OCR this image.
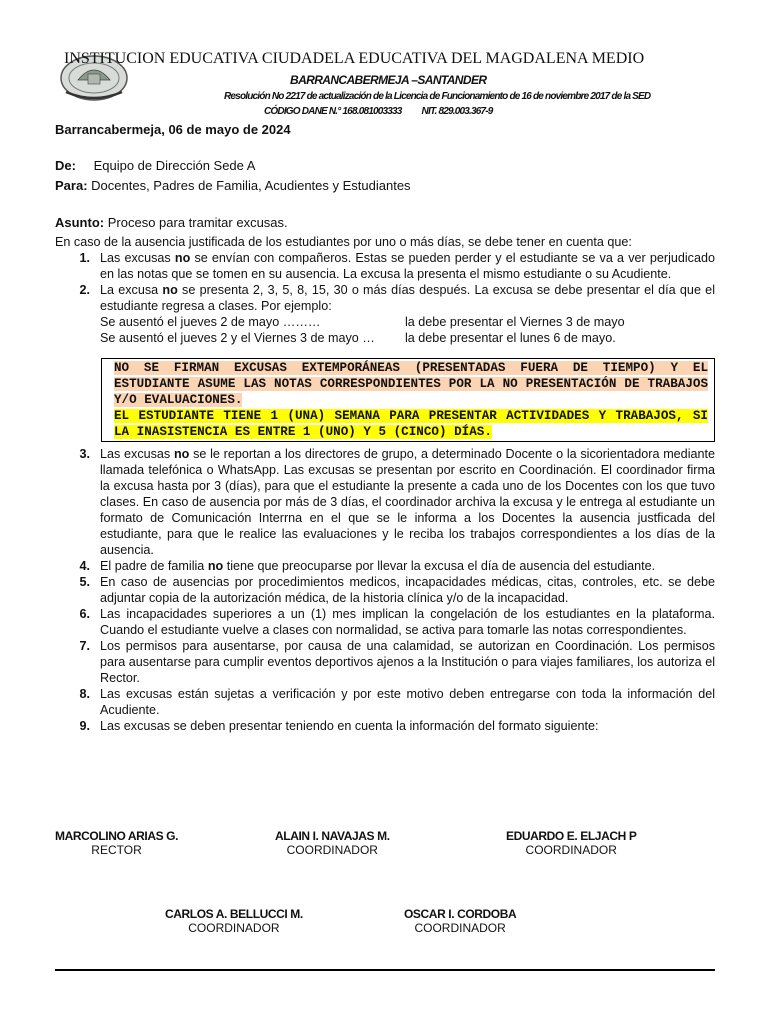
INSTITUCION EDUCATIVA CIUDADELA EDUCATIVA DEL MAGDALENA MEDIO
BARRANCABERMEJA –SANTANDER
Resolución No 2217 de actualización de la Licencia de Funcionamiento de 16 de noviembre 2017 de la SED
CÓDIGO DANE N.° 168.081003333 NIT. 829.003.367-9
Barrancabermeja, 06 de mayo de 2024
De: Equipo de Dirección Sede A
Para: Docentes, Padres de Familia, Acudientes y Estudiantes
Asunto: Proceso para tramitar excusas.
En caso de la ausencia justificada de los estudiantes por uno o más días, se debe tener en cuenta que:
1. Las excusas no se envían con compañeros. Estas se pueden perder y el estudiante se va a ver perjudicado en las notas que se tomen en su ausencia. La excusa la presenta el mismo estudiante o su Acudiente.
2. La excusa no se presenta 2, 3, 5, 8, 15, 30 o más días después. La excusa se debe presentar el día que el estudiante regresa a clases. Por ejemplo:
Se ausentó el jueves 2 de mayo ………	la debe presentar el Viernes 3 de mayo
Se ausentó el jueves 2 y el Viernes 3 de mayo …	la debe presentar el lunes 6 de mayo.
NO SE FIRMAN EXCUSAS EXTEMPORÁNEAS (PRESENTADAS FUERA DE TIEMPO) Y EL ESTUDIANTE ASUME LAS NOTAS CORRESPONDIENTES POR LA NO PRESENTACIÓN DE TRABAJOS Y/O EVALUACIONES.
EL ESTUDIANTE TIENE 1 (UNA) SEMANA PARA PRESENTAR ACTIVIDADES Y TRABAJOS, SI LA INASISTENCIA ES ENTRE 1 (UNO) Y 5 (CINCO) DÍAS.
3. Las excusas no se le reportan a los directores de grupo, a determinado Docente o la sicorientadora mediante llamada telefónica o WhatsApp. Las excusas se presentan por escrito en Coordinación. El coordinador firma la excusa hasta por 3 (días), para que el estudiante la presente a cada uno de los Docentes con los que tuvo clases. En caso de ausencia por más de 3 días, el coordinador archiva la excusa y le entrega al estudiante un formato de Comunicación Interrna en el que se le informa a los Docentes la ausencia justficada del estudiante, para que le realice las evaluaciones y le reciba los trabajos correspondientes a los días de la ausencia.
4. El padre de familia no tiene que preocuparse por llevar la excusa el día de ausencia del estudiante.
5. En caso de ausencias por procedimientos medicos, incapacidades médicas, citas, controles, etc. se debe adjuntar copia de la autorización médica, de la historia clínica y/o de la incapacidad.
6. Las incapacidades superiores a un (1) mes implican la congelación de los estudiantes en la plataforma. Cuando el estudiante vuelve a clases con normalidad, se activa para tomarle las notas correspondientes.
7. Los permisos para ausentarse, por causa de una calamidad, se autorizan en Coordinación. Los permisos para ausentarse para cumplir eventos deportivos ajenos a la Institución o para viajes familiares, los autoriza el Rector.
8. Las excusas están sujetas a verificación y por este motivo deben entregarse con toda la información del Acudiente.
9. Las excusas se deben presentar teniendo en cuenta la información del formato siguiente:
MARCOLINO ARIAS G.
RECTOR
ALAIN I. NAVAJAS M.
COORDINADOR
EDUARDO E. ELJACH P
COORDINADOR
CARLOS A. BELLUCCI M.
COORDINADOR
OSCAR I. CORDOBA
COORDINADOR
